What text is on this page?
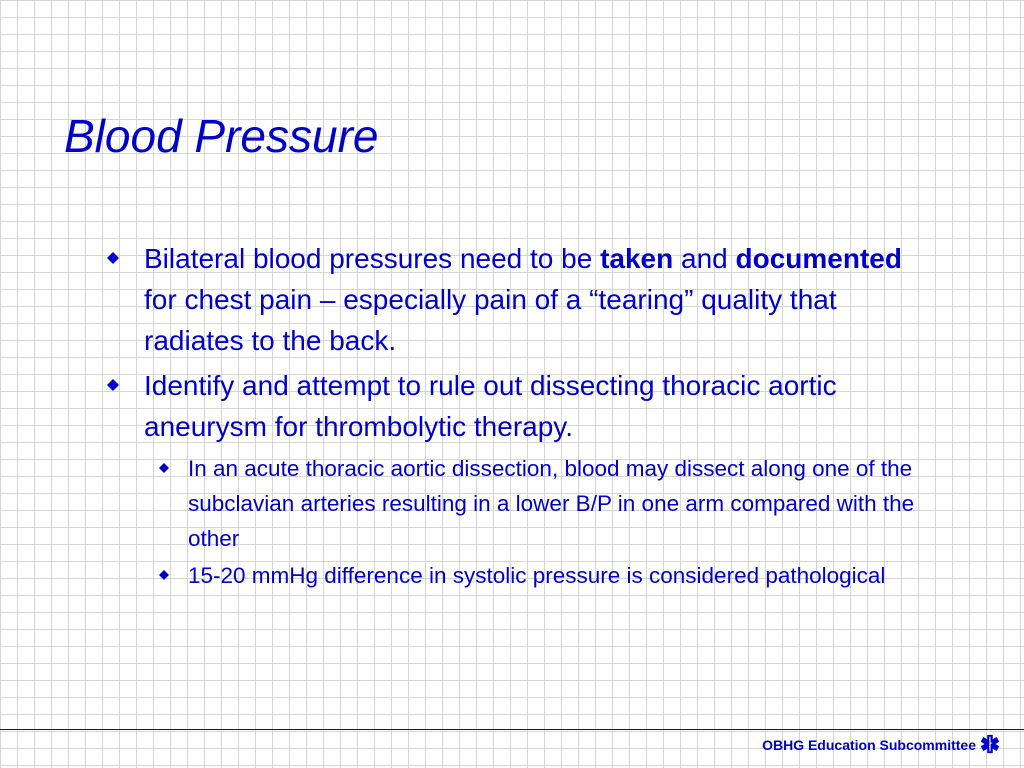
Blood Pressure
Bilateral blood pressures need to be taken and documented for chest pain – especially pain of a “tearing” quality that radiates to the back.
Identify and attempt to rule out dissecting thoracic aortic aneurysm for thrombolytic therapy.
In an acute thoracic aortic dissection, blood may dissect along one of the subclavian arteries resulting in a lower B/P in one arm compared with the other
15-20 mmHg difference in systolic pressure is considered pathological
OBHG Education Subcommittee
